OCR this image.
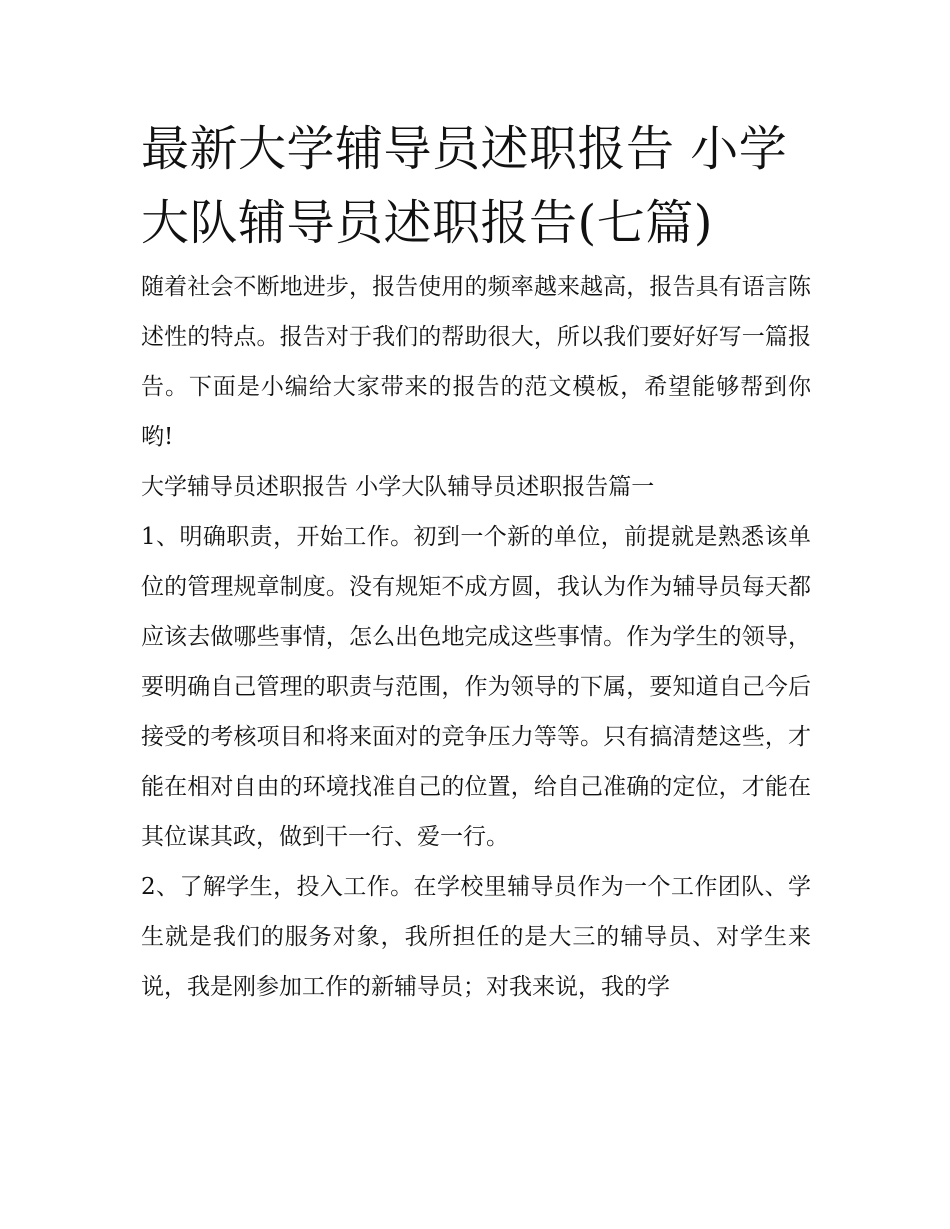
最新大学辅导员述职报告 小学大队辅导员述职报告(七篇)

随着社会不断地进步，报告使用的频率越来越高，报告具有语言陈述性的特点。报告对于我们的帮助很大，所以我们要好好写一篇报告。下面是小编给大家带来的报告的范文模板，希望能够帮到你哟!

大学辅导员述职报告 小学大队辅导员述职报告篇一

1、明确职责，开始工作。初到一个新的单位，前提就是熟悉该单位的管理规章制度。没有规矩不成方圆，我认为作为辅导员每天都应该去做哪些事情，怎么出色地完成这些事情。作为学生的领导，要明确自己管理的职责与范围，作为领导的下属，要知道自己今后接受的考核项目和将来面对的竞争压力等等。只有搞清楚这些，才能在相对自由的环境找准自己的位置，给自己准确的定位，才能在其位谋其政，做到干一行、爱一行。

2、了解学生，投入工作。在学校里辅导员作为一个工作团队、学生就是我们的服务对象，我所担任的是大三的辅导员、对学生来说，我是刚参加工作的新辅导员；对我来说，我的学
